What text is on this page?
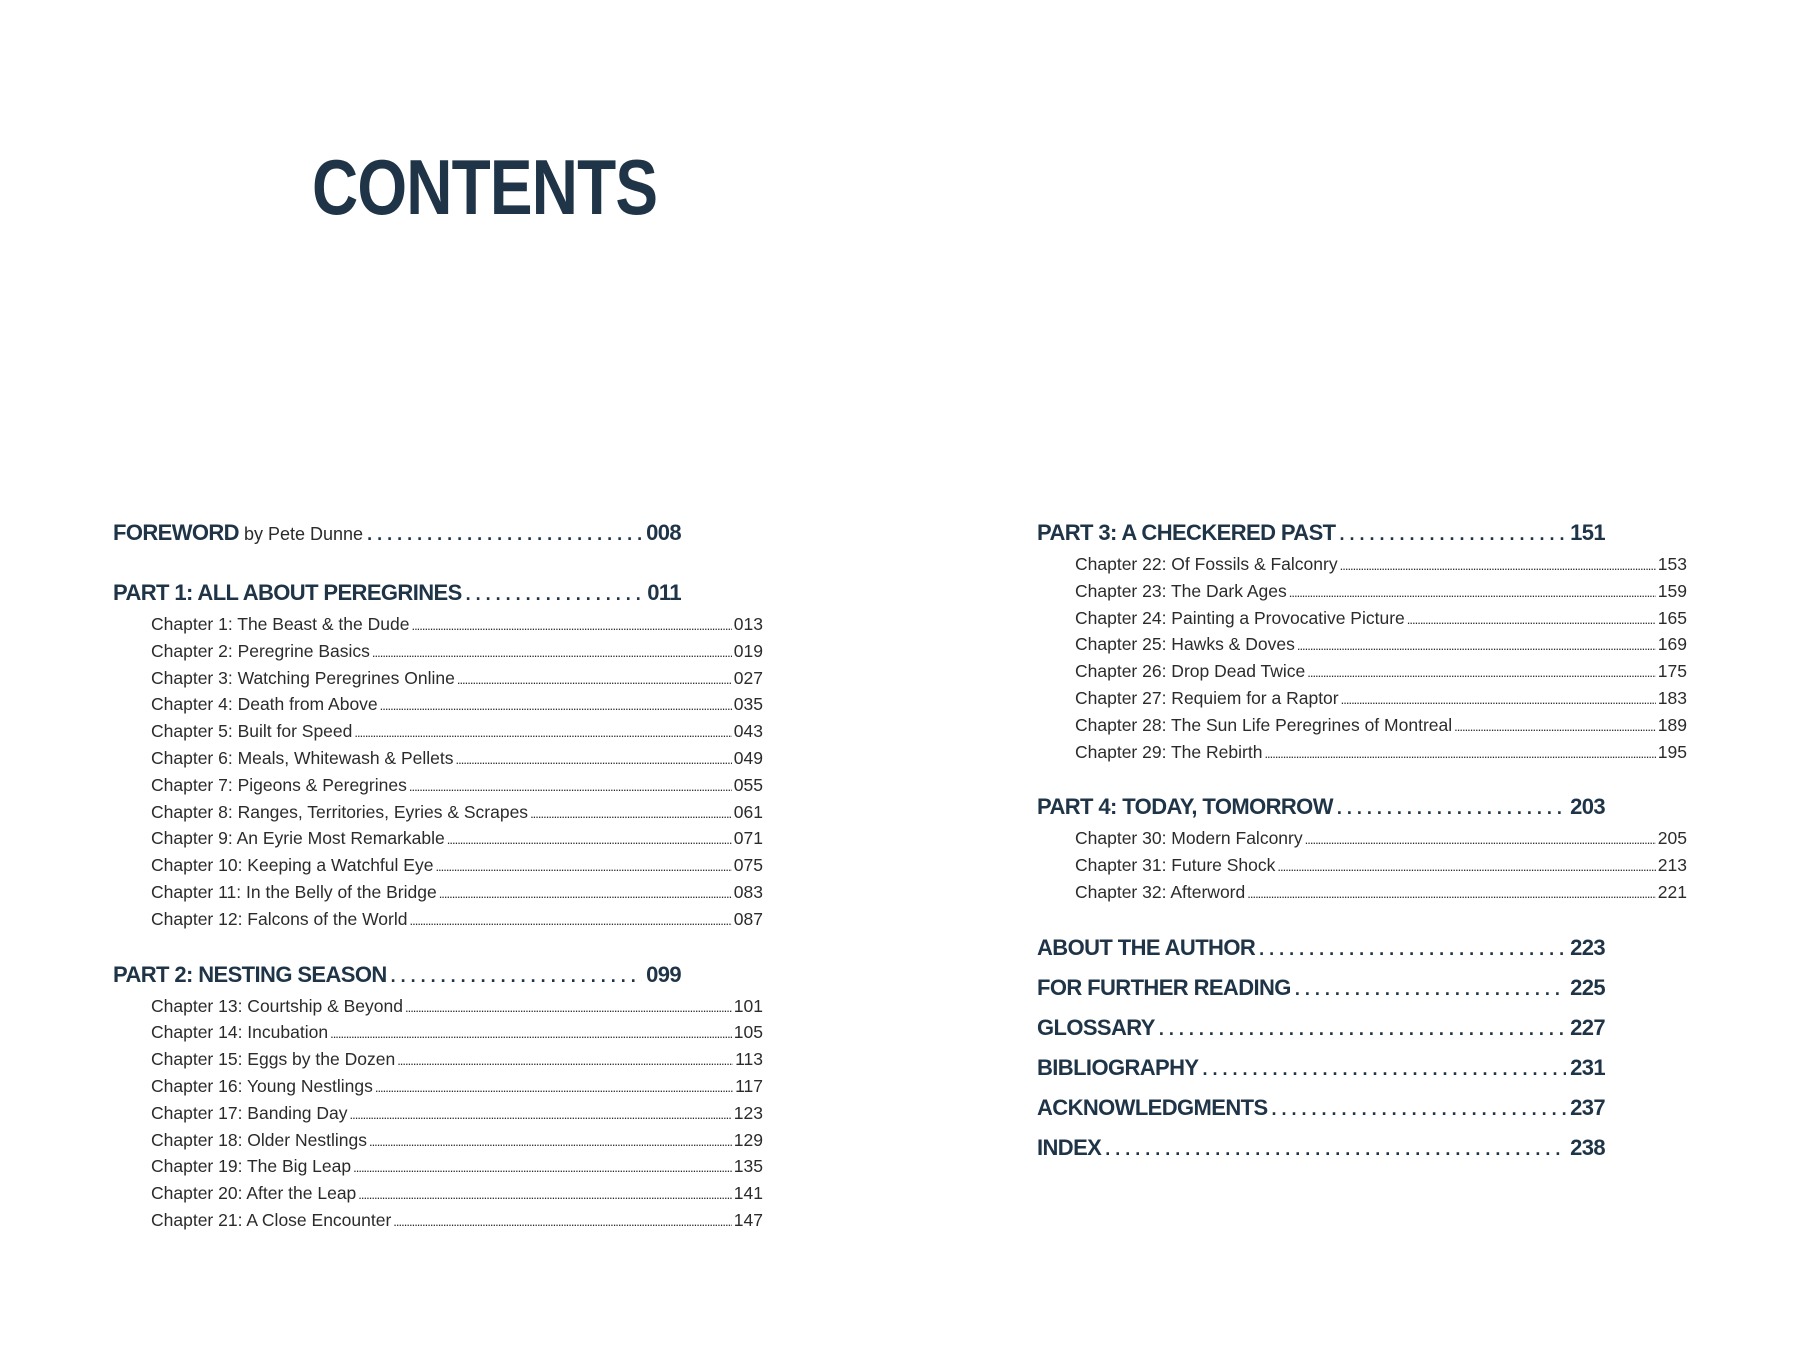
CONTENTS
FOREWORD by Pete Dunne . . .	008
PART 1: ALL ABOUT PEREGRINES . . .	011
Chapter 1: The Beast & the Dude .....	013
Chapter 2: Peregrine Basics .....	019
Chapter 3: Watching Peregrines Online .....	027
Chapter 4: Death from Above .....	035
Chapter 5: Built for Speed .....	043
Chapter 6: Meals, Whitewash & Pellets .....	049
Chapter 7: Pigeons & Peregrines .....	055
Chapter 8: Ranges, Territories, Eyries & Scrapes .....	061
Chapter 9: An Eyrie Most Remarkable .....	071
Chapter 10: Keeping a Watchful Eye .....	075
Chapter 11: In the Belly of the Bridge .....	083
Chapter 12: Falcons of the World .....	087
PART 2: NESTING SEASON . . .	099
Chapter 13: Courtship & Beyond .....	101
Chapter 14: Incubation .....	105
Chapter 15: Eggs by the Dozen .....	113
Chapter 16: Young Nestlings .....	117
Chapter 17: Banding Day .....	123
Chapter 18: Older Nestlings .....	129
Chapter 19: The Big Leap .....	135
Chapter 20: After the Leap .....	141
Chapter 21: A Close Encounter .....	147
PART 3: A CHECKERED PAST . . .	151
Chapter 22: Of Fossils & Falconry .....	153
Chapter 23: The Dark Ages .....	159
Chapter 24: Painting a Provocative Picture .....	165
Chapter 25: Hawks & Doves .....	169
Chapter 26: Drop Dead Twice .....	175
Chapter 27: Requiem for a Raptor .....	183
Chapter 28: The Sun Life Peregrines of Montreal .....	189
Chapter 29: The Rebirth .....	195
PART 4: TODAY, TOMORROW . . .	203
Chapter 30: Modern Falconry .....	205
Chapter 31: Future Shock .....	213
Chapter 32: Afterword .....	221
ABOUT THE AUTHOR . . .	223
FOR FURTHER READING . . .	225
GLOSSARY . . .	227
BIBLIOGRAPHY . . .	231
ACKNOWLEDGMENTS . . .	237
INDEX . . .	238
